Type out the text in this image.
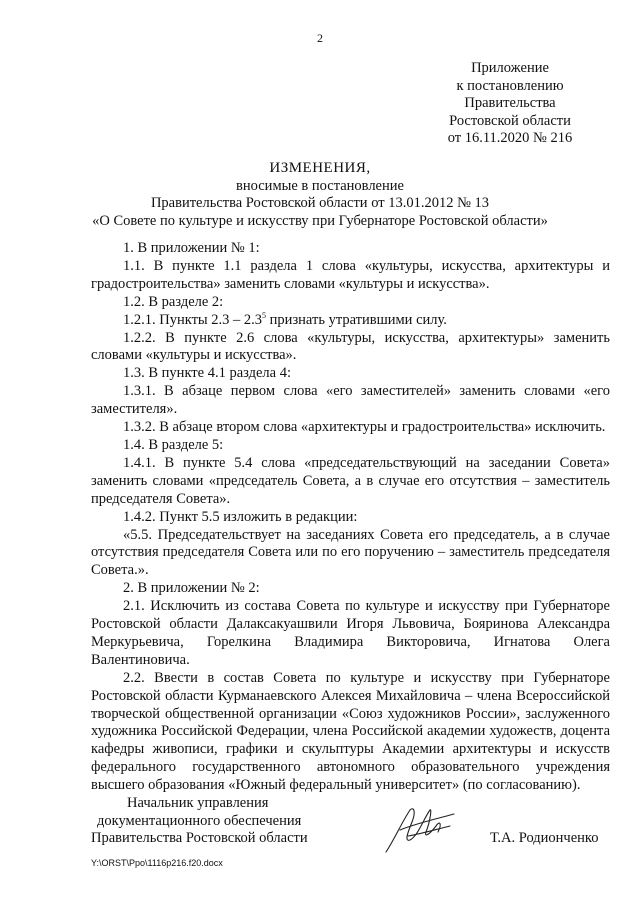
2
Приложение
к постановлению
Правительства
Ростовской области
от 16.11.2020 № 216
ИЗМЕНЕНИЯ,
вносимые в постановление
Правительства Ростовской области от 13.01.2012 № 13
«О Совете по культуре и искусству при Губернаторе Ростовской области»

1. В приложении № 1:

1.1. В пункте 1.1 раздела 1 слова «культуры, искусства, архитектуры и градостроительства» заменить словами «культуры и искусства».

1.2. В разделе 2:

1.2.1. Пункты $2.3 - 2.3^5$ признать утратившими силу.

1.2.2. В пункте 2.6 слова «культуры, искусства, архитектуры» заменить словами «культуры и искусства».

1.3. В пункте 4.1 раздела 4:

1.3.1. В абзаце первом слова «его заместителей» заменить словами «его заместителя».

1.3.2. В абзаце втором слова «архитектуры и градостроительства» исключить.

1.4. В разделе 5:

1.4.1. В пункте 5.4 слова «председательствующий на заседании Совета» заменить словами «председатель Совета, а в случае его отсутствия – заместитель председателя Совета».

1.4.2. Пункт 5.5 изложить в редакции:

«5.5. Председательствует на заседаниях Совета его председатель, а в случае отсутствия председателя Совета или по его поручению – заместитель председателя Совета.».

2. В приложении № 2:

2.1. Исключить из состава Совета по культуре и искусству при Губернаторе Ростовской области Далаксакуашвили Игоря Львовича, Бояринова Александра Меркурьевича, Горелкина Владимира Викторовича, Игнатова Олега Валентиновича.

2.2. Ввести в состав Совета по культуре и искусству при Губернаторе Ростовской области Курманаевского Алексея Михайловича – члена Всероссийской творческой общественной организации «Союз художников России», заслуженного художника Российской Федерации, члена Российской академии художеств, доцента кафедры живописи, графики и скульптуры Академии архитектуры и искусств федерального государственного автономного образовательного учреждения высшего образования «Южный федеральный университет» (по согласованию).

Начальник управления
документационного обеспечения
Правительства Ростовской области	Т.А. Родионченко
Y:\ORST\Ppo\1116p216.f20.docx
